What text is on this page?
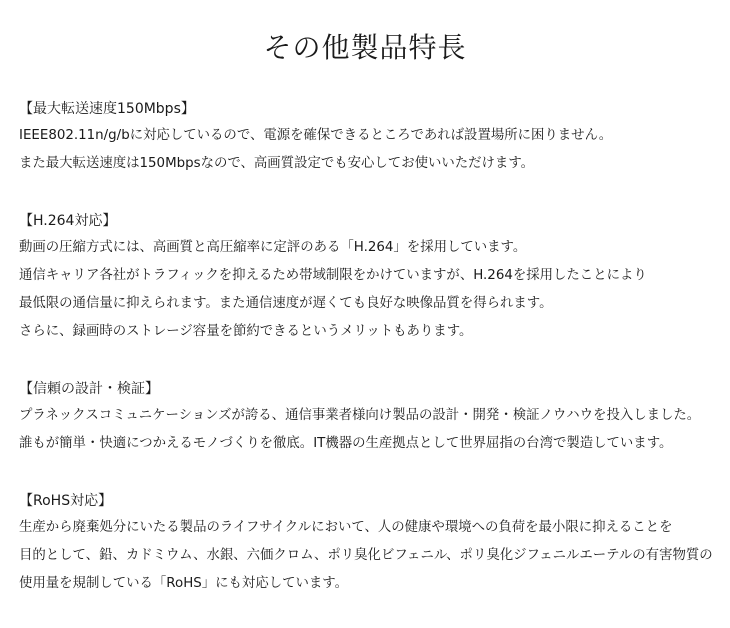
その他製品特長

【最大転送速度150Mbps】

IEEE802.11n/g/bに対応しているので、電源を確保できるところであれば設置場所に困りません。

また最大転送速度は150Mbpsなので、高画質設定でも安心してお使いいただけます。

【H.264対応】

動画の圧縮方式には、高画質と高圧縮率に定評のある「H.264」を採用しています。

通信キャリア各社がトラフィックを抑えるため帯域制限をかけていますが、H.264を採用したことにより

最低限の通信量に抑えられます。また通信速度が遅くても良好な映像品質を得られます。

さらに、録画時のストレージ容量を節約できるというメリットもあります。

【信頼の設計・検証】

プラネックスコミュニケーションズが誇る、通信事業者様向け製品の設計・開発・検証ノウハウを投入しました。

誰もが簡単・快適につかえるモノづくりを徹底。IT機器の生産拠点として世界屈指の台湾で製造しています。

【RoHS対応】

生産から廃棄処分にいたる製品のライフサイクルにおいて、人の健康や環境への負荷を最小限に抑えることを

目的として、鉛、カドミウム、水銀、六価クロム、ポリ臭化ビフェニル、ポリ臭化ジフェニルエーテルの有害物質の

使用量を規制している「RoHS」にも対応しています。
